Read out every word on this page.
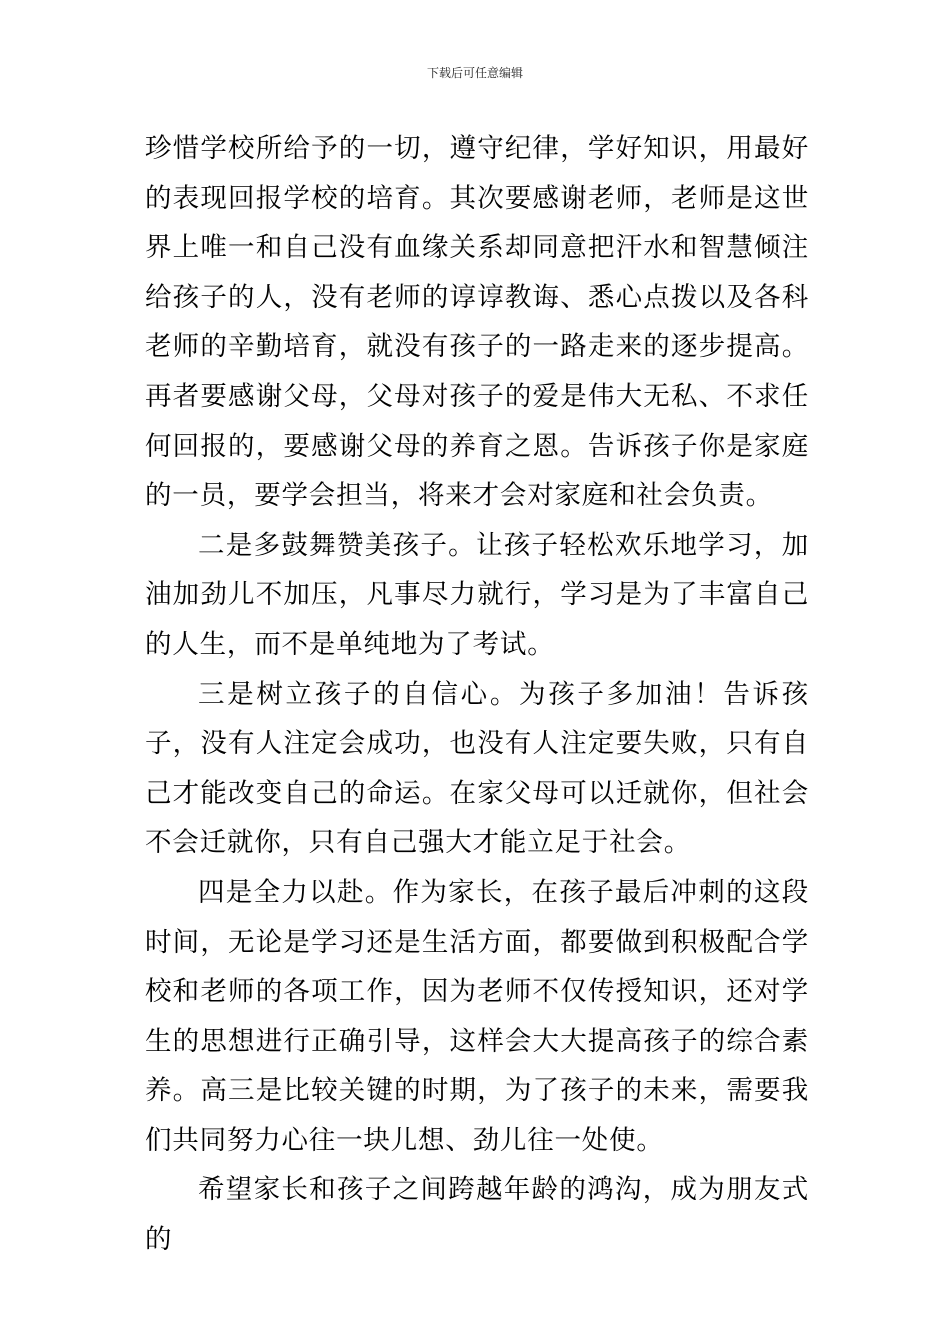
下载后可任意编辑

珍惜学校所给予的一切，遵守纪律，学好知识，用最好的表现回报学校的培育。其次要感谢老师，老师是这世界上唯一和自己没有血缘关系却同意把汗水和智慧倾注给孩子的人，没有老师的谆谆教诲、悉心点拨以及各科老师的辛勤培育，就没有孩子的一路走来的逐步提高。再者要感谢父母，父母对孩子的爱是伟大无私、不求任何回报的，要感谢父母的养育之恩。告诉孩子你是家庭的一员，要学会担当，将来才会对家庭和社会负责。

二是多鼓舞赞美孩子。让孩子轻松欢乐地学习，加油加劲儿不加压，凡事尽力就行，学习是为了丰富自己的人生，而不是单纯地为了考试。

三是树立孩子的自信心。为孩子多加油！告诉孩子，没有人注定会成功，也没有人注定要失败，只有自己才能改变自己的命运。在家父母可以迁就你，但社会不会迁就你，只有自己强大才能立足于社会。

四是全力以赴。作为家长，在孩子最后冲刺的这段时间，无论是学习还是生活方面，都要做到积极配合学校和老师的各项工作，因为老师不仅传授知识，还对学生的思想进行正确引导，这样会大大提高孩子的综合素养。高三是比较关键的时期，为了孩子的未来，需要我们共同努力心往一块儿想、劲儿往一处使。

希望家长和孩子之间跨越年龄的鸿沟，成为朋友式的
